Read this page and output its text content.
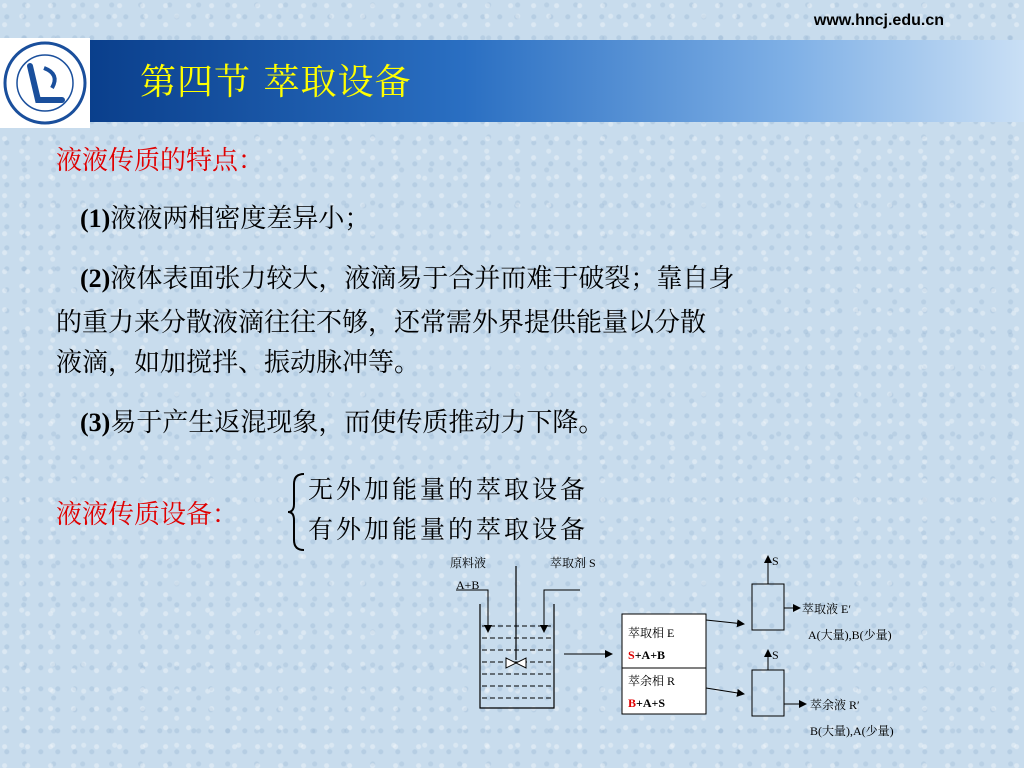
www.hncj.edu.cn
第四节 萃取设备
液液传质的特点：
(1)液液两相密度差异小；
(2)液体表面张力较大，液滴易于合并而难于破裂；靠自身
的重力来分散液滴往往不够，还常需外界提供能量以分散
液滴，如加搅拌、振动脉冲等。
(3)易于产生返混现象，而使传质推动力下降。
液液传质设备：
无外加能量的萃取设备
有外加能量的萃取设备
原料液
A+B
萃取剂 S
萃取相 E
S+A+B
萃余相 R
B+A+S
S
S
萃取液 E′
A(大量),B(少量)
萃余液 R′
B(大量),A(少量)
